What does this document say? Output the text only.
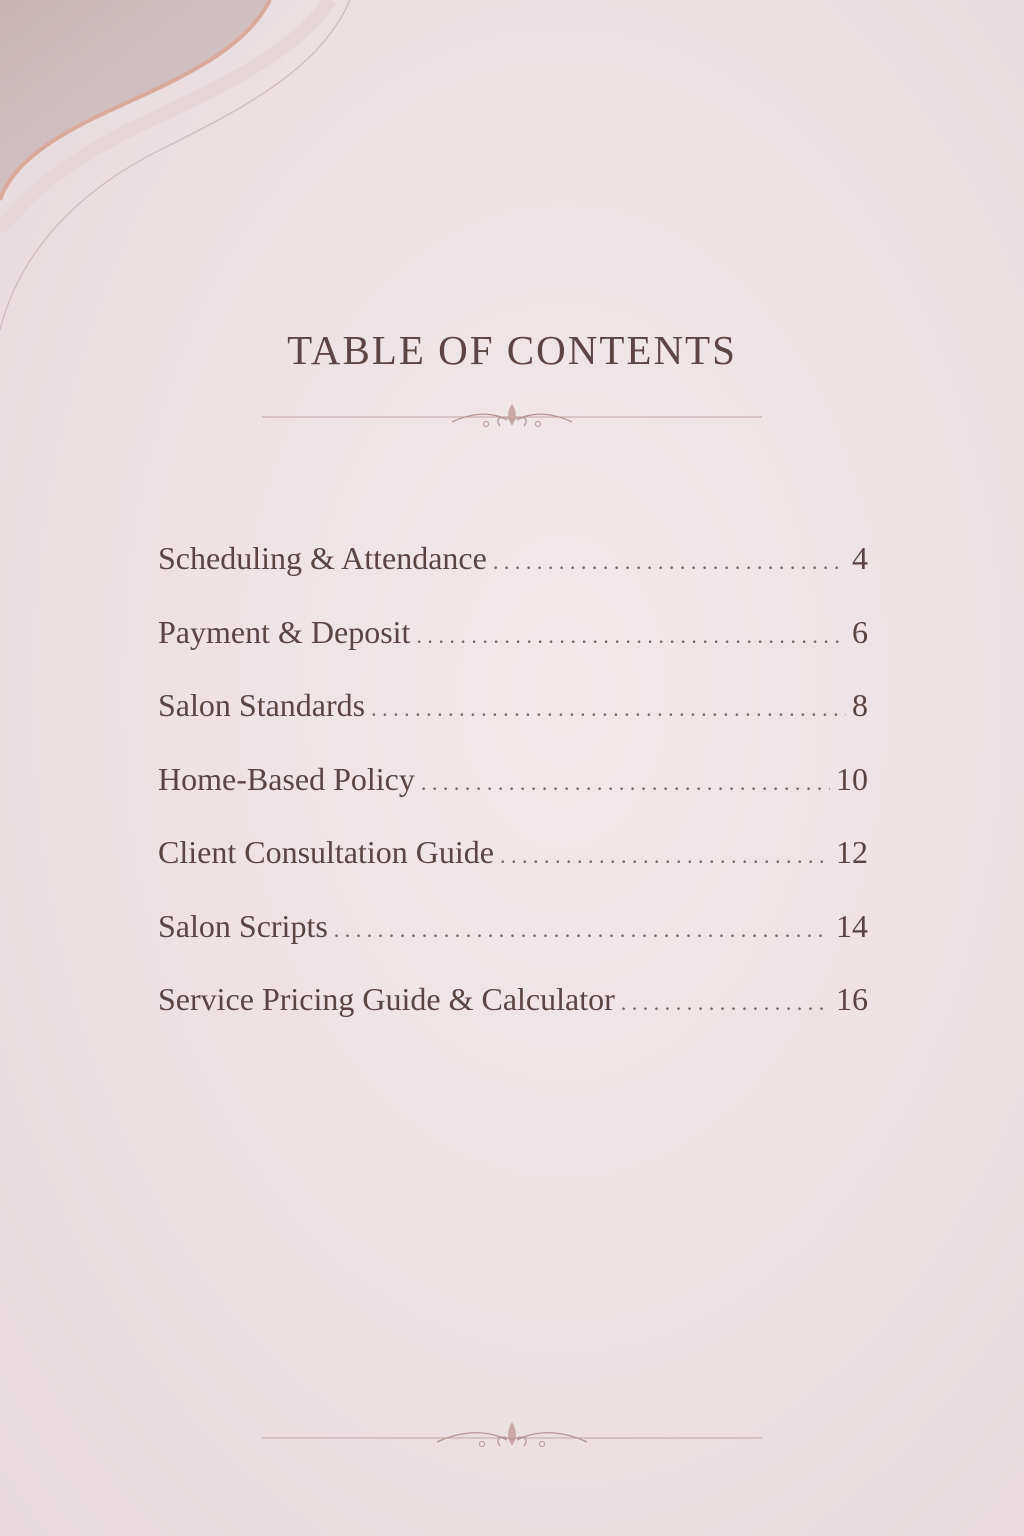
TABLE OF CONTENTS
Scheduling & Attendance . . .	4
Payment & Deposit . . .	6
Salon Standards . . .	8
Home-Based Policy . . .	10
Client Consultation Guide . . .	12
Salon Scripts . . .	14
Service Pricing Guide & Calculator . . .	16
